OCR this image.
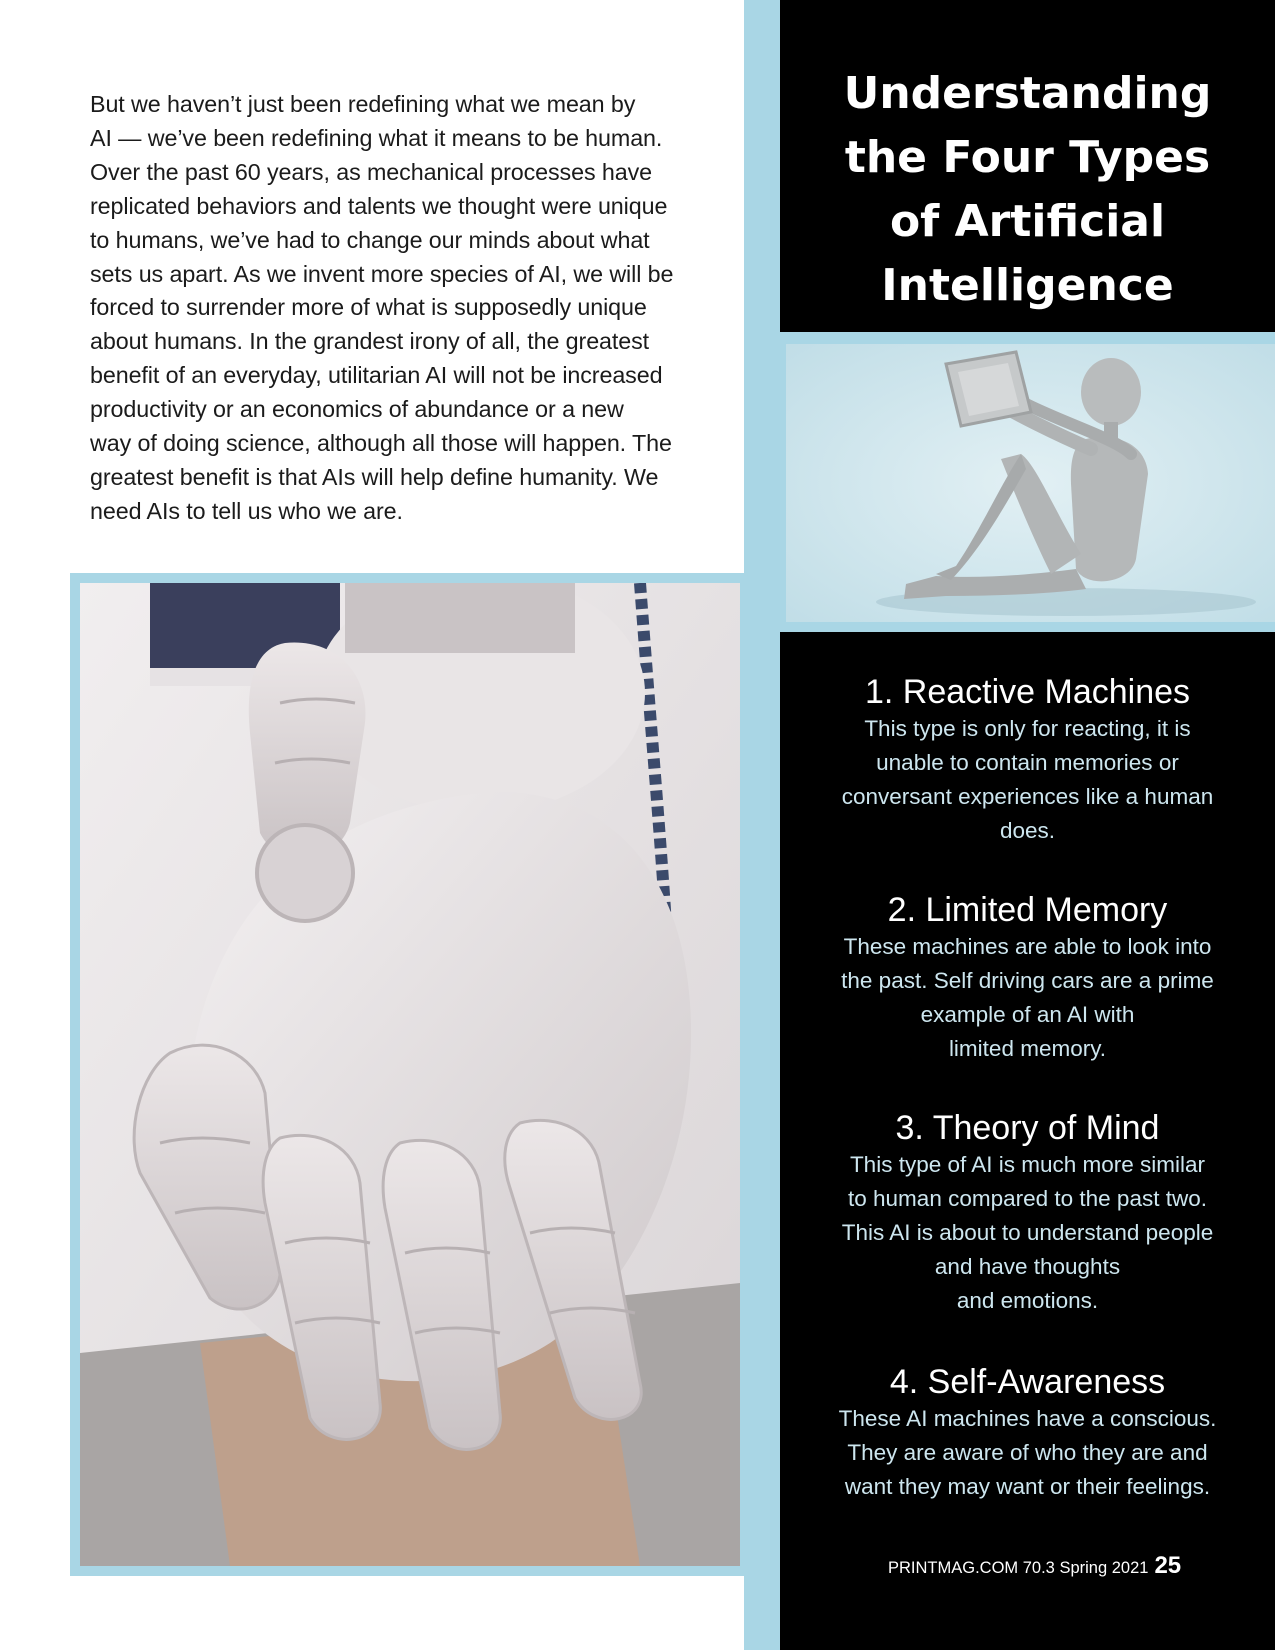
But we haven’t just been redefining what we mean by
AI — we’ve been redefining what it means to be human.
Over the past 60 years, as mechanical processes have
replicated behaviors and talents we thought were unique
to humans, we’ve had to change our minds about what
sets us apart. As we invent more species of AI, we will be
forced to surrender more of what is supposedly unique
about humans. In the grandest irony of all, the greatest
benefit of an everyday, utilitarian AI will not be increased
productivity or an economics of abundance or a new
way of doing science, although all those will happen. The
greatest benefit is that AIs will help define humanity. We
need AIs to tell us who we are.
Understanding
the Four Types
of Artificial
Intelligence
1. Reactive Machines
This type is only for reacting, it is
unable to contain memories or
conversant experiences like a human
does.
2. Limited Memory
These machines are able to look into
the past. Self driving cars are a prime
example of an AI with
limited memory.
3. Theory of Mind
This type of AI is much more similar
to human compared to the past two.
This AI is about to understand people
and have thoughts
and emotions.
4. Self-Awareness
These AI machines have a conscious.
They are aware of who they are and
want they may want or their feelings.
PRINTMAG.COM 70.3 Spring 2021 25
